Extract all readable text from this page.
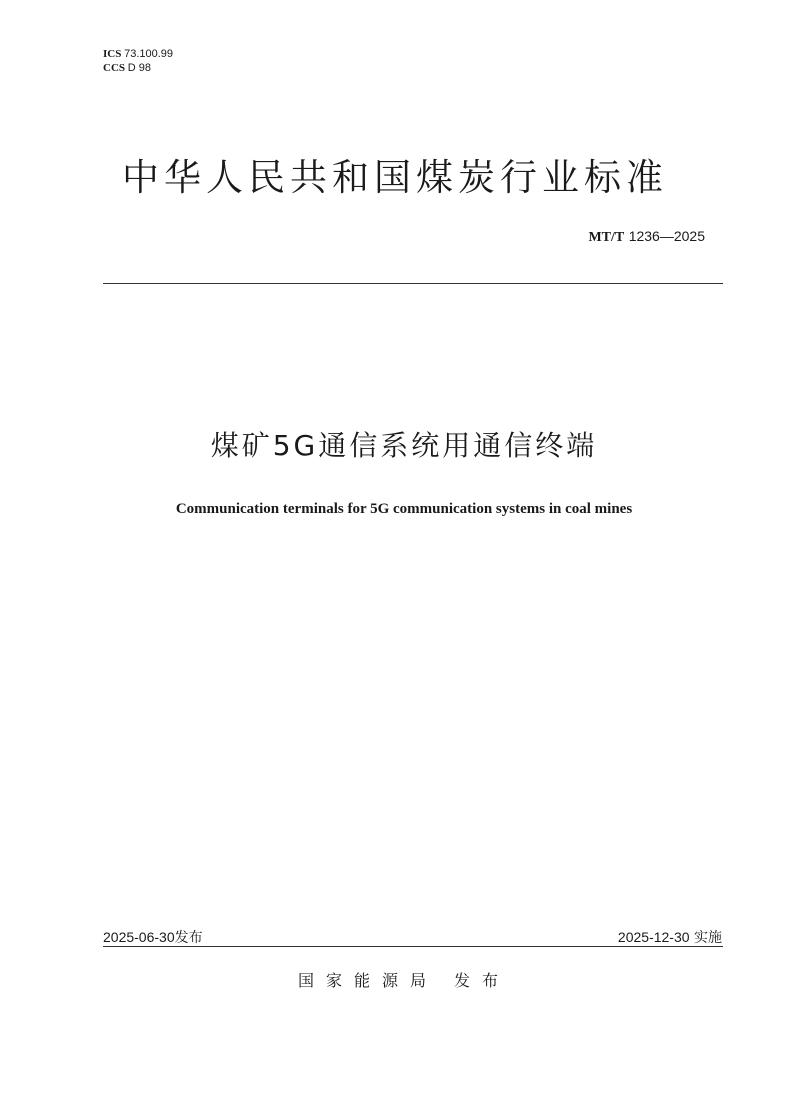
ICS 73.100.99
CCS D 98
中华人民共和国煤炭行业标准
MT/T 1236—2025
煤矿5G通信系统用通信终端
Communication terminals for 5G communication systems in coal mines
2025-06-30发布	2025-12-30 实施
国家能源局 发布
